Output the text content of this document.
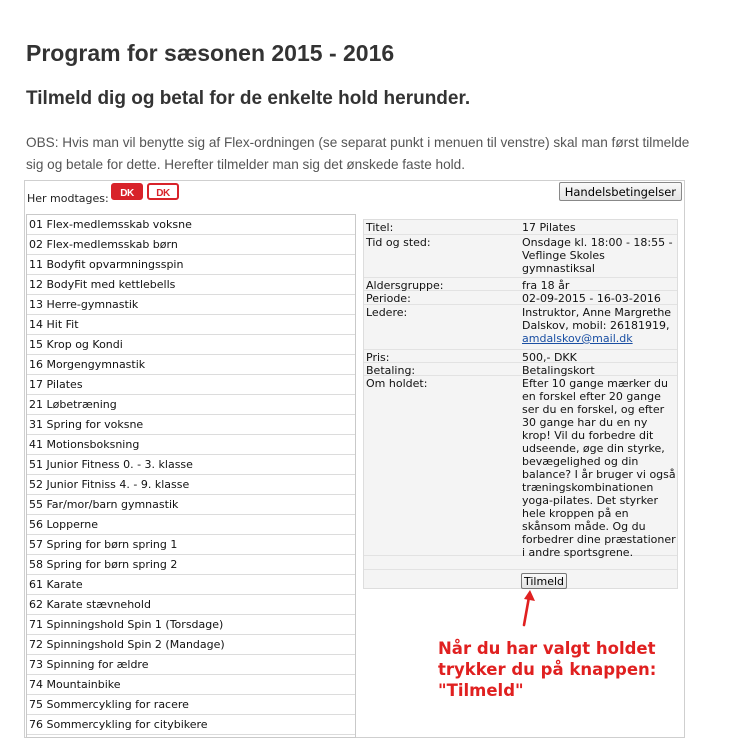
Program for sæsonen 2015 - 2016
Tilmeld dig og betal for de enkelte hold herunder.

OBS: Hvis man vil benytte sig af Flex-ordningen (se separat punkt i menuen til venstre) skal man først tilmelde sig og betale for dette. Herefter tilmelder man sig det ønskede faste hold.

Her modtages:	DK	DK	Handelsbetingelser
01 Flex-medlemsskab voksne
02 Flex-medlemsskab børn
11 Bodyfit opvarmningsspin
12 BodyFit med kettlebells
13 Herre-gymnastik
14 Hit Fit
15 Krop og Kondi
16 Morgengymnastik
17 Pilates
21 Løbetræning
31 Spring for voksne
41 Motionsboksning
51 Junior Fitness 0. - 3. klasse
52 Junior Fitniss 4. - 9. klasse
55 Far/mor/barn gymnastik
56 Lopperne
57 Spring for børn spring 1
58 Spring for børn spring 2
61 Karate
62 Karate stævnehold
71 Spinningshold Spin 1 (Torsdage)
72 Spinningshold Spin 2 (Mandage)
73 Spinning for ældre
74 Mountainbike
75 Sommercykling for racere
76 Sommercykling for citybikere
Titel:	17 Pilates
Tid og sted:	Onsdage kl. 18:00 - 18:55 - Veflinge Skoles gymnastiksal
Aldersgruppe:	fra 18 år
Periode:	02-09-2015 - 16-03-2016
Ledere:	Instruktor, Anne Margrethe Dalskov, mobil: 26181919,
amdalskov@mail.dk
Pris:	500,- DKK
Betaling:	Betalingskort
Om holdet:	Efter 10 gange mærker du en forskel efter 20 gange ser du en forskel, og efter 30 gange har du en ny krop! Vil du forbedre dit udseende, øge din styrke, bevægelighed og din balance? I år bruger vi også træningskombinationen yoga-pilates. Det styrker hele kroppen på en skånsom måde. Og du forbedrer dine præstationer i andre sportsgrene.
Tilmeld
Når du har valgt holdet trykker du på knappen: "Tilmeld"
